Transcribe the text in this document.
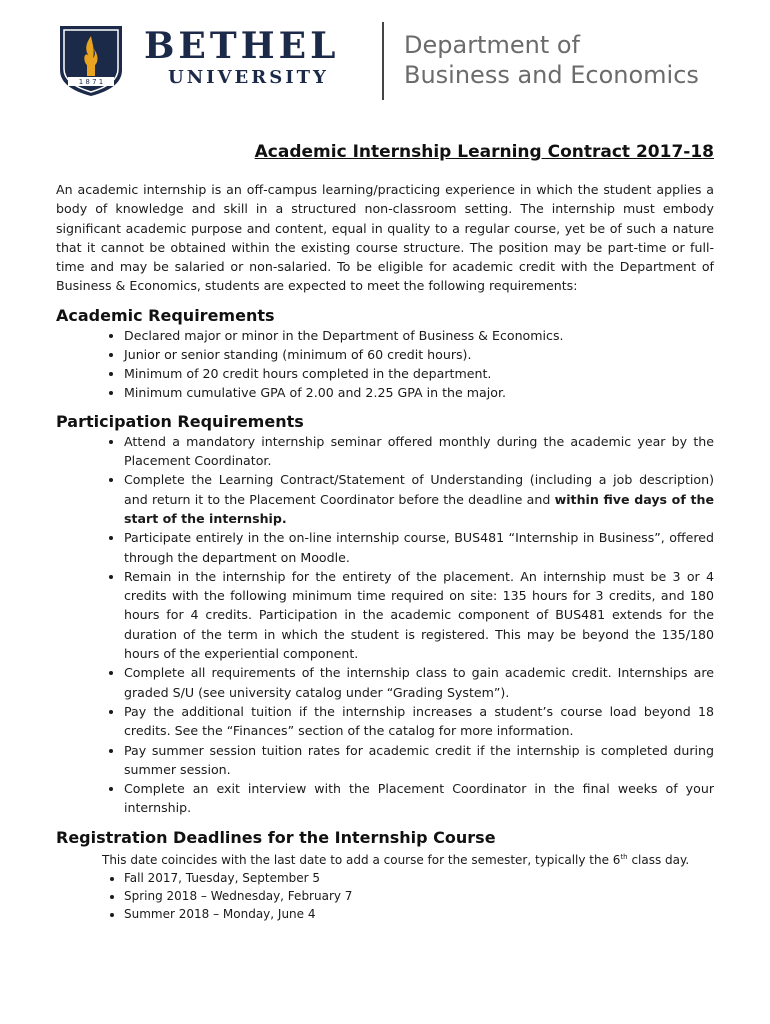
1 8 7 1
BETHEL
UNIVERSITY
Department of
Business and Economics
Academic Internship Learning Contract 2017-18

An academic internship is an off-campus learning/practicing experience in which the student applies a body of knowledge and skill in a structured non-classroom setting. The internship must embody significant academic purpose and content, equal in quality to a regular course, yet be of such a nature that it cannot be obtained within the existing course structure. The position may be part-time or full-time and may be salaried or non-salaried. To be eligible for academic credit with the Department of Business & Economics, students are expected to meet the following requirements:

Academic Requirements
• Declared major or minor in the Department of Business & Economics.
• Junior or senior standing (minimum of 60 credit hours).
• Minimum of 20 credit hours completed in the department.
• Minimum cumulative GPA of 2.00 and 2.25 GPA in the major.
Participation Requirements
• Attend a mandatory internship seminar offered monthly during the academic year by the Placement Coordinator.
• Complete the Learning Contract/Statement of Understanding (including a job description) and return it to the Placement Coordinator before the deadline and within five days of the start of the internship.
• Participate entirely in the on-line internship course, BUS481 “Internship in Business”, offered through the department on Moodle.
• Remain in the internship for the entirety of the placement. An internship must be 3 or 4 credits with the following minimum time required on site: 135 hours for 3 credits, and 180 hours for 4 credits. Participation in the academic component of BUS481 extends for the duration of the term in which the student is registered. This may be beyond the 135/180 hours of the experiential component.
• Complete all requirements of the internship class to gain academic credit. Internships are graded S/U (see university catalog under “Grading System”).
• Pay the additional tuition if the internship increases a student’s course load beyond 18 credits. See the “Finances” section of the catalog for more information.
• Pay summer session tuition rates for academic credit if the internship is completed during summer session.
• Complete an exit interview with the Placement Coordinator in the final weeks of your internship.
Registration Deadlines for the Internship Course

This date coincides with the last date to add a course for the semester, typically the 6th class day.

• Fall 2017, Tuesday, September 5
• Spring 2018 – Wednesday, February 7
• Summer 2018 – Monday, June 4
